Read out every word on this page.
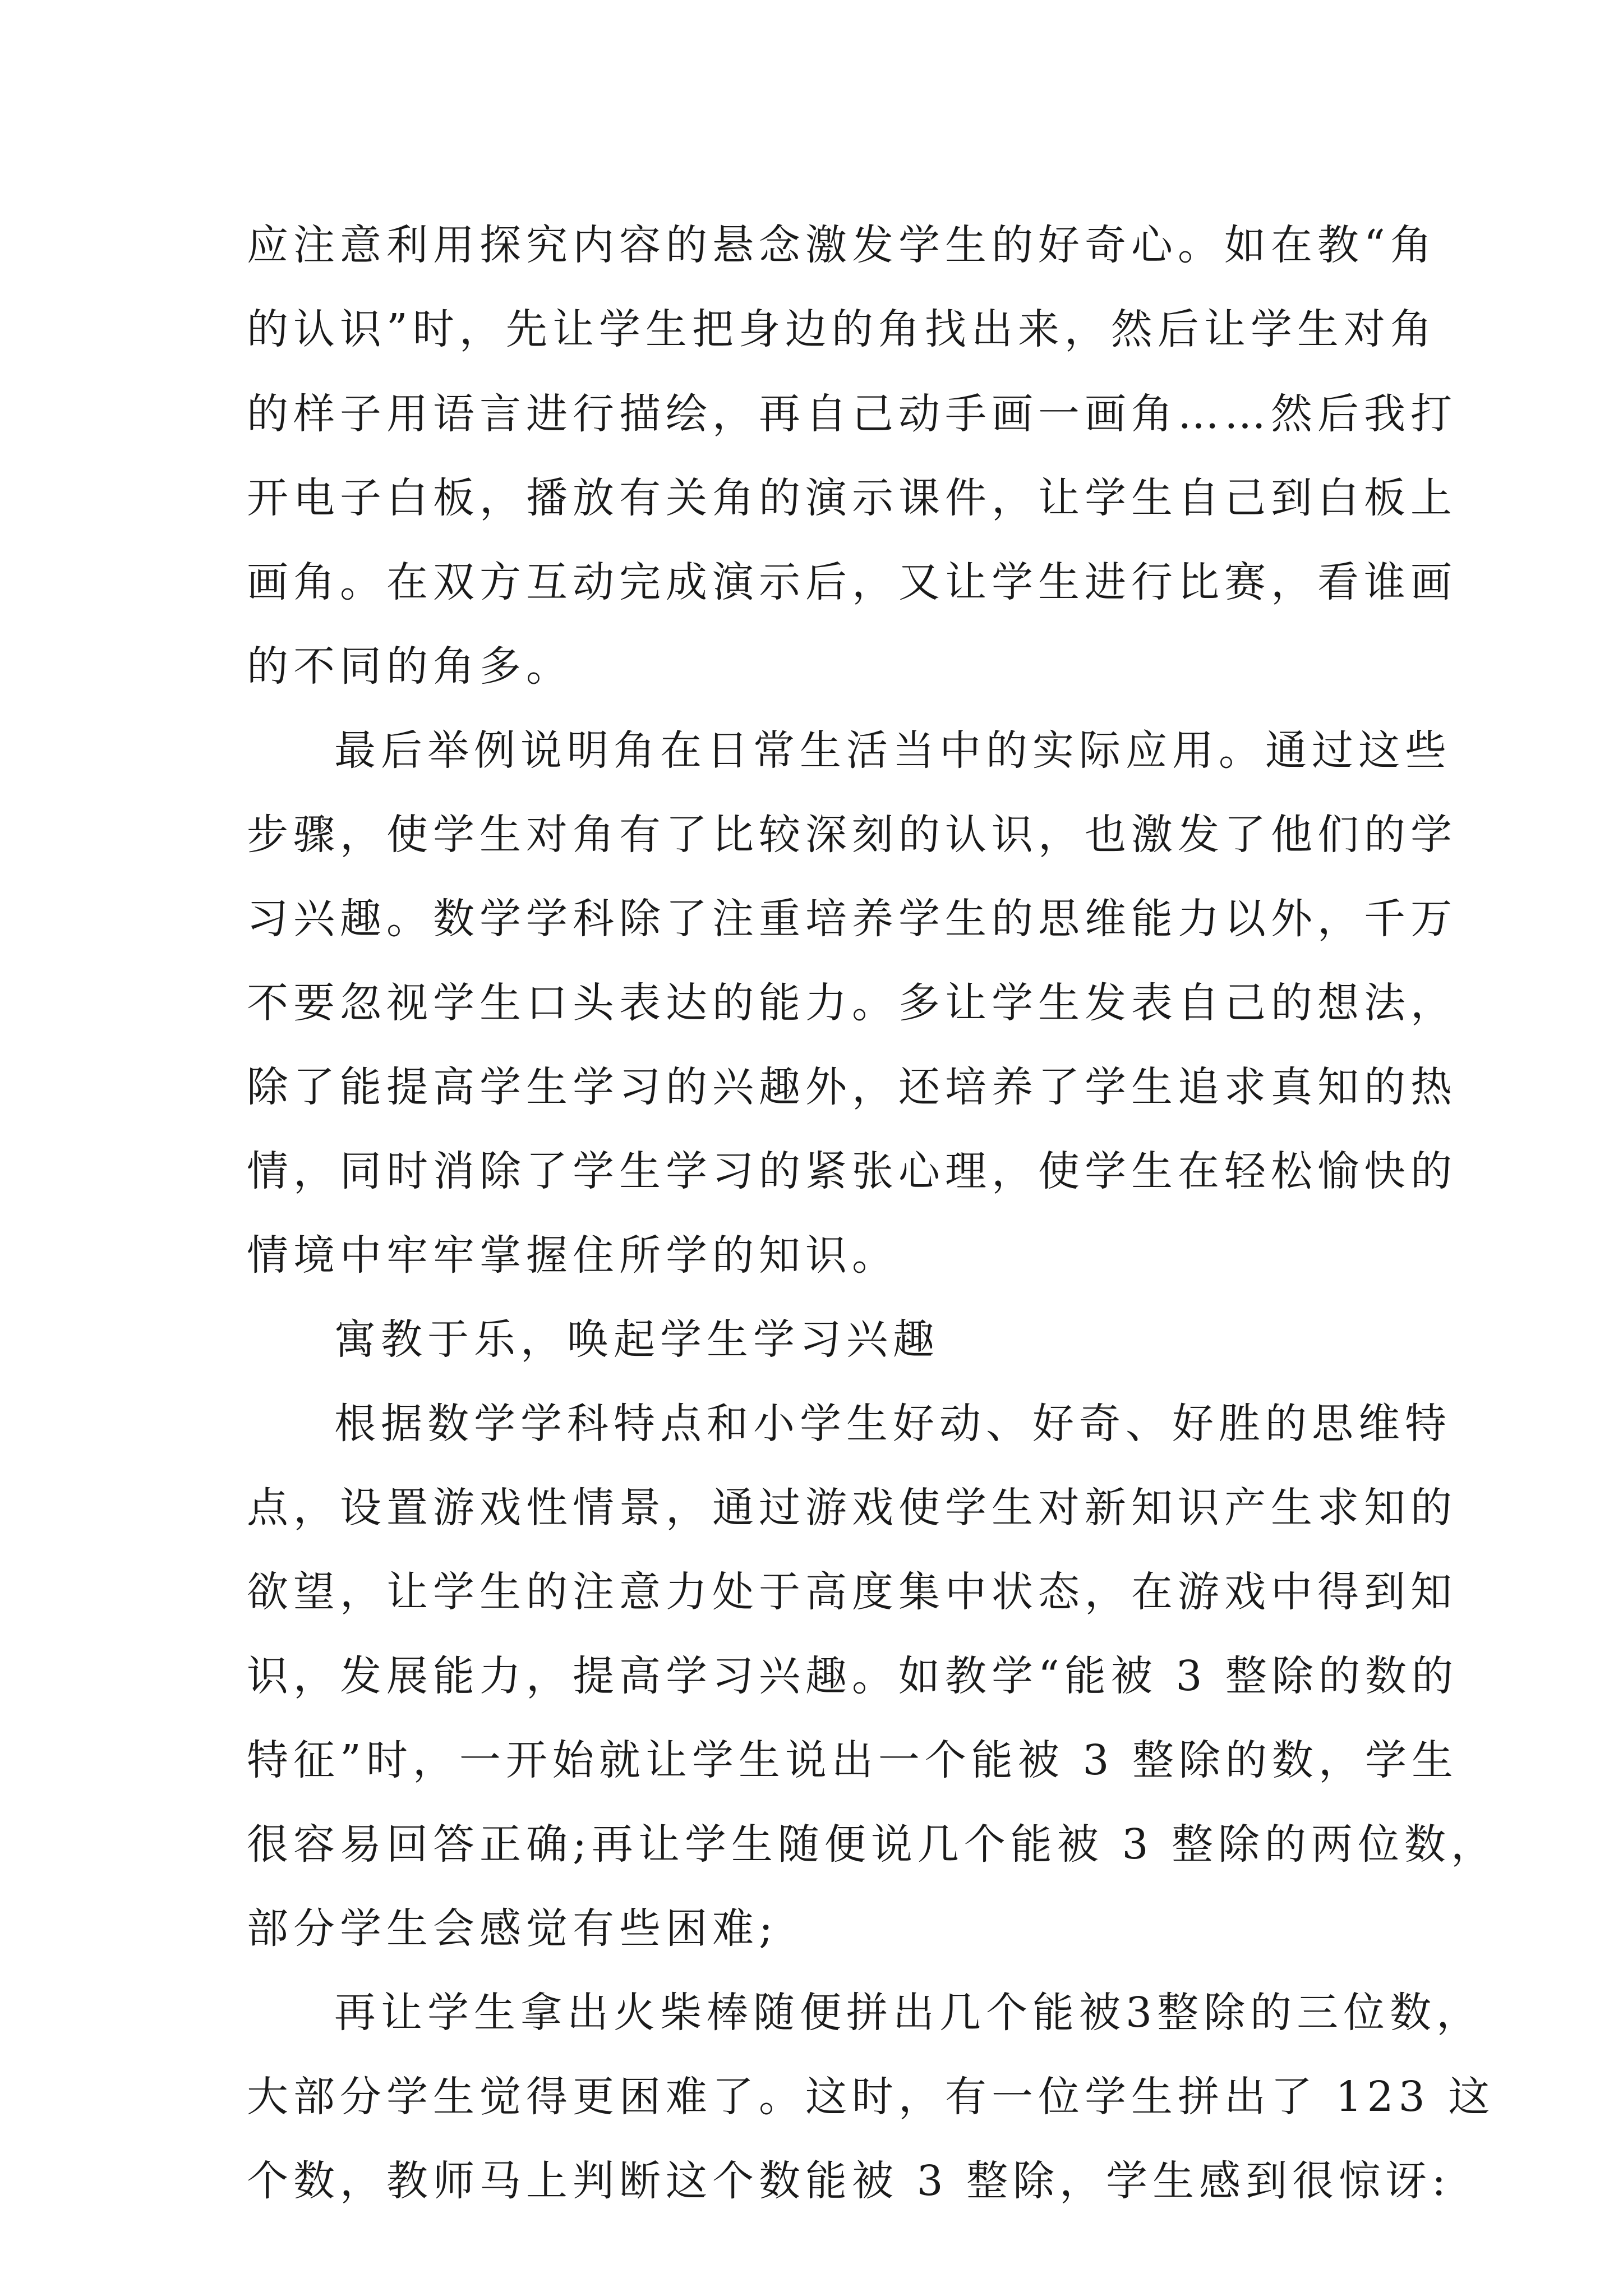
应注意利用探究内容的悬念激发学生的好奇心。如在教“角
的认识”时，先让学生把身边的角找出来，然后让学生对角
的样子用语言进行描绘，再自己动手画一画角……然后我打
开电子白板，播放有关角的演示课件，让学生自己到白板上
画角。在双方互动完成演示后，又让学生进行比赛，看谁画
的不同的角多。
最后举例说明角在日常生活当中的实际应用。通过这些
步骤，使学生对角有了比较深刻的认识，也激发了他们的学
习兴趣。数学学科除了注重培养学生的思维能力以外，千万
不要忽视学生口头表达的能力。多让学生发表自己的想法，
除了能提高学生学习的兴趣外，还培养了学生追求真知的热
情，同时消除了学生学习的紧张心理，使学生在轻松愉快的
情境中牢牢掌握住所学的知识。
寓教于乐，唤起学生学习兴趣
根据数学学科特点和小学生好动、好奇、好胜的思维特
点，设置游戏性情景，通过游戏使学生对新知识产生求知的
欲望，让学生的注意力处于高度集中状态，在游戏中得到知
识，发展能力，提高学习兴趣。如教学“能被 3 整除的数的
特征”时，一开始就让学生说出一个能被 3 整除的数，学生
很容易回答正确;再让学生随便说几个能被 3 整除的两位数，
部分学生会感觉有些困难;
再让学生拿出火柴棒随便拼出几个能被3整除的三位数，
大部分学生觉得更困难了。这时，有一位学生拼出了 123 这
个数，教师马上判断这个数能被 3 整除，学生感到很惊讶:
